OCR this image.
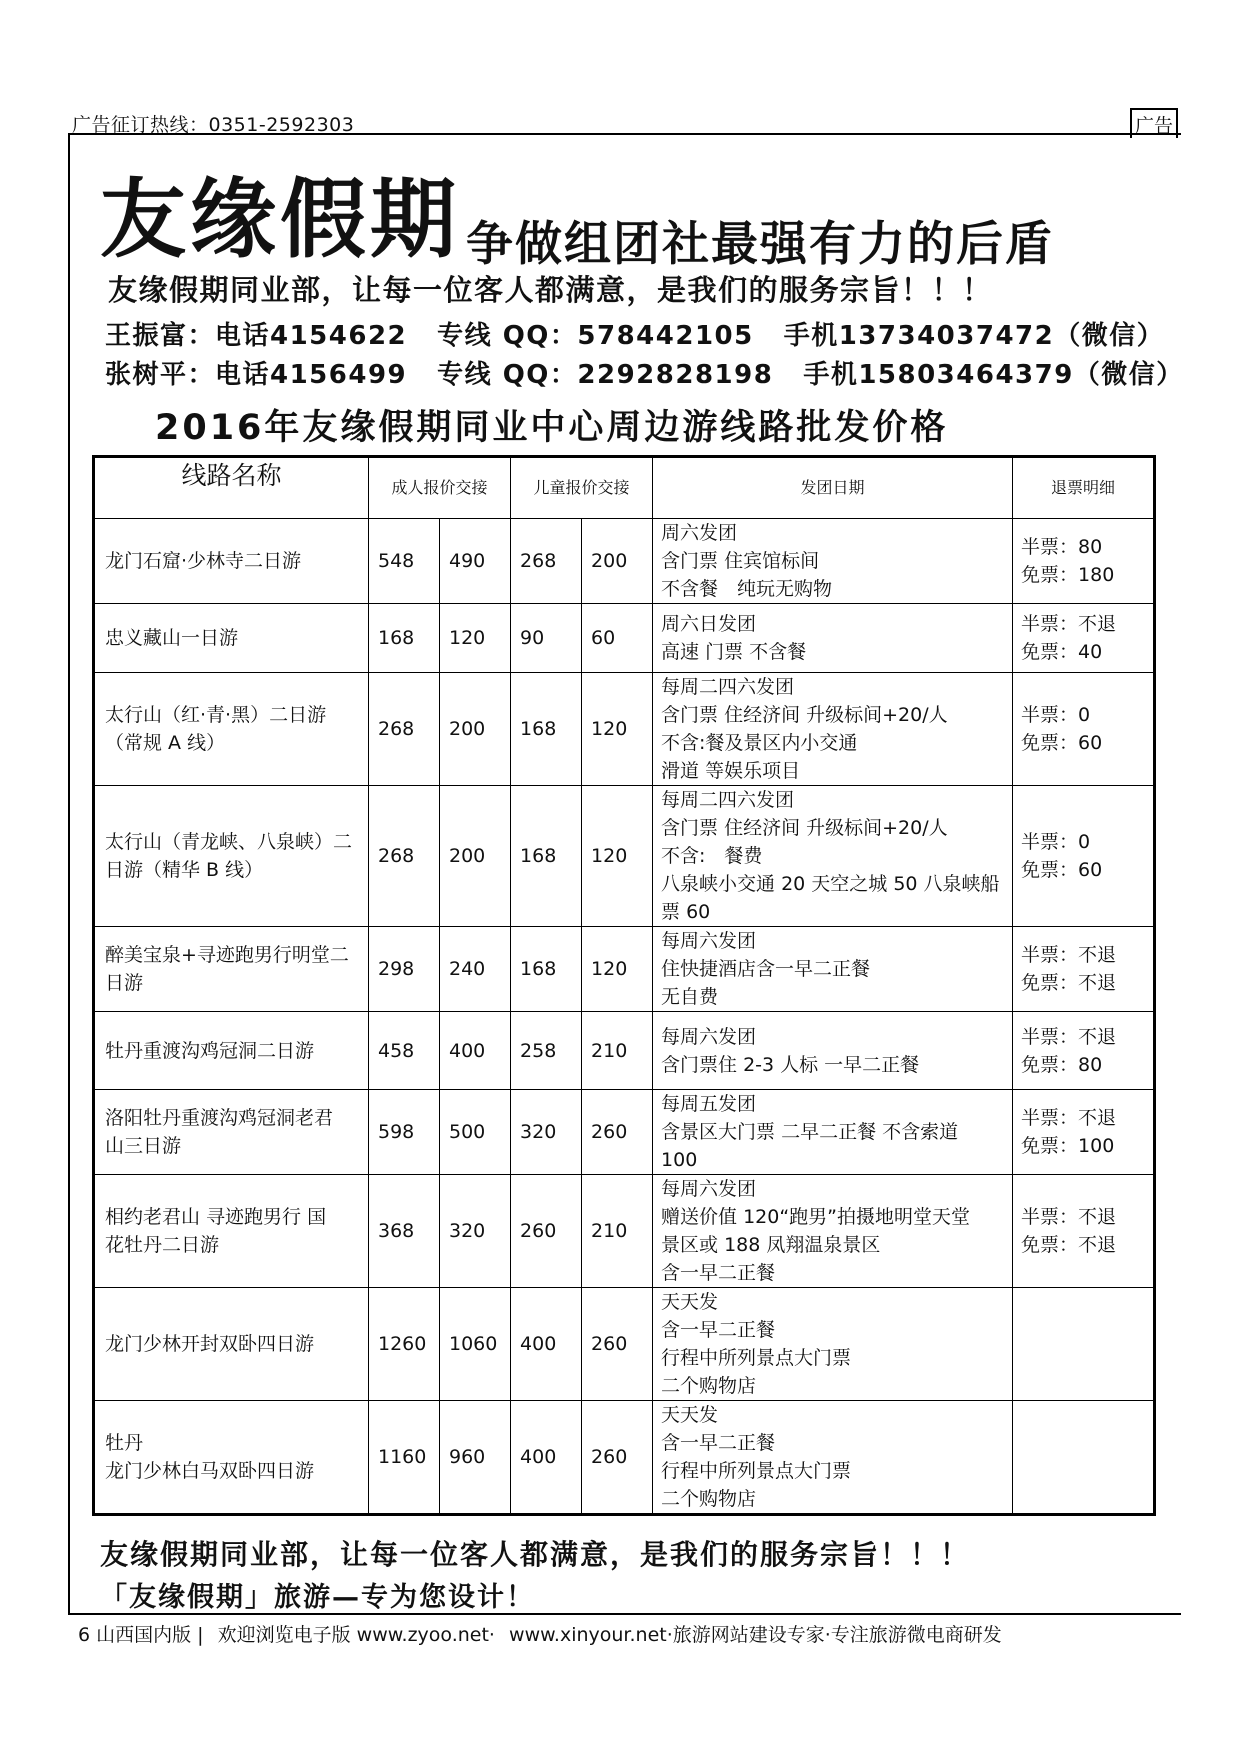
广告征订热线：0351-2592303	广告
友缘假期 争做组团社最强有力的后盾
友缘假期同业部，让每一位客人都满意，是我们的服务宗旨！！！
王振富：电话4154622 专线 QQ：578442105 手机13734037472（微信）
张树平：电话4156499 专线 QQ：2292828198 手机15803464379（微信）
2016年友缘假期同业中心周边游线路批发价格
线路名称	成人报价交接		儿童报价交接		发团日期	退票明细

龙门石窟·少林寺二日游	548	490	268	200	周六发团
含门票 住宾馆标间
不含餐　纯玩无购物	半票：80
免票：180

忠义藏山一日游	168	120	90	60	周六日发团
高速 门票 不含餐	半票：不退
免票：40

太行山（红·青·黑）二日游
（常规 A 线）	268	200	168	120	每周二四六发团
含门票 住经济间 升级标间+20/人
不含:餐及景区内小交通
滑道 等娱乐项目	半票：0
免票：60

太行山（青龙峡、八泉峡）二
日游（精华 B 线）	268	200	168	120	每周二四六发团
含门票 住经济间 升级标间+20/人
不含:　餐费
八泉峡小交通 20 天空之城 50 八泉峡船
票 60	半票：0
免票：60

醉美宝泉+寻迹跑男行明堂二
日游	298	240	168	120	每周六发团
住快捷酒店含一早二正餐
无自费	半票：不退
免票：不退

牡丹重渡沟鸡冠洞二日游	458	400	258	210	每周六发团
含门票住 2-3 人标 一早二正餐	半票：不退
免票：80

洛阳牡丹重渡沟鸡冠洞老君
山三日游	598	500	320	260	每周五发团
含景区大门票 二早二正餐 不含索道
100	半票：不退
免票：100

相约老君山 寻迹跑男行 国
花牡丹二日游	368	320	260	210	每周六发团
赠送价值 120“跑男”拍摄地明堂天堂
景区或 188 凤翔温泉景区
含一早二正餐	半票：不退
免票：不退

龙门少林开封双卧四日游	1260	1060	400	260	天天发
含一早二正餐
行程中所列景点大门票
二个购物店	

牡丹
龙门少林白马双卧四日游	1160	960	400	260	天天发
含一早二正餐
行程中所列景点大门票
二个购物店	

友缘假期同业部，让每一位客人都满意，是我们的服务宗旨！！！
「友缘假期」旅游—专为您设计！
6 山西国内版 | 欢迎浏览电子版 www.zyoo.net· www.xinyour.net·旅游网站建设专家·专注旅游微电商研发
